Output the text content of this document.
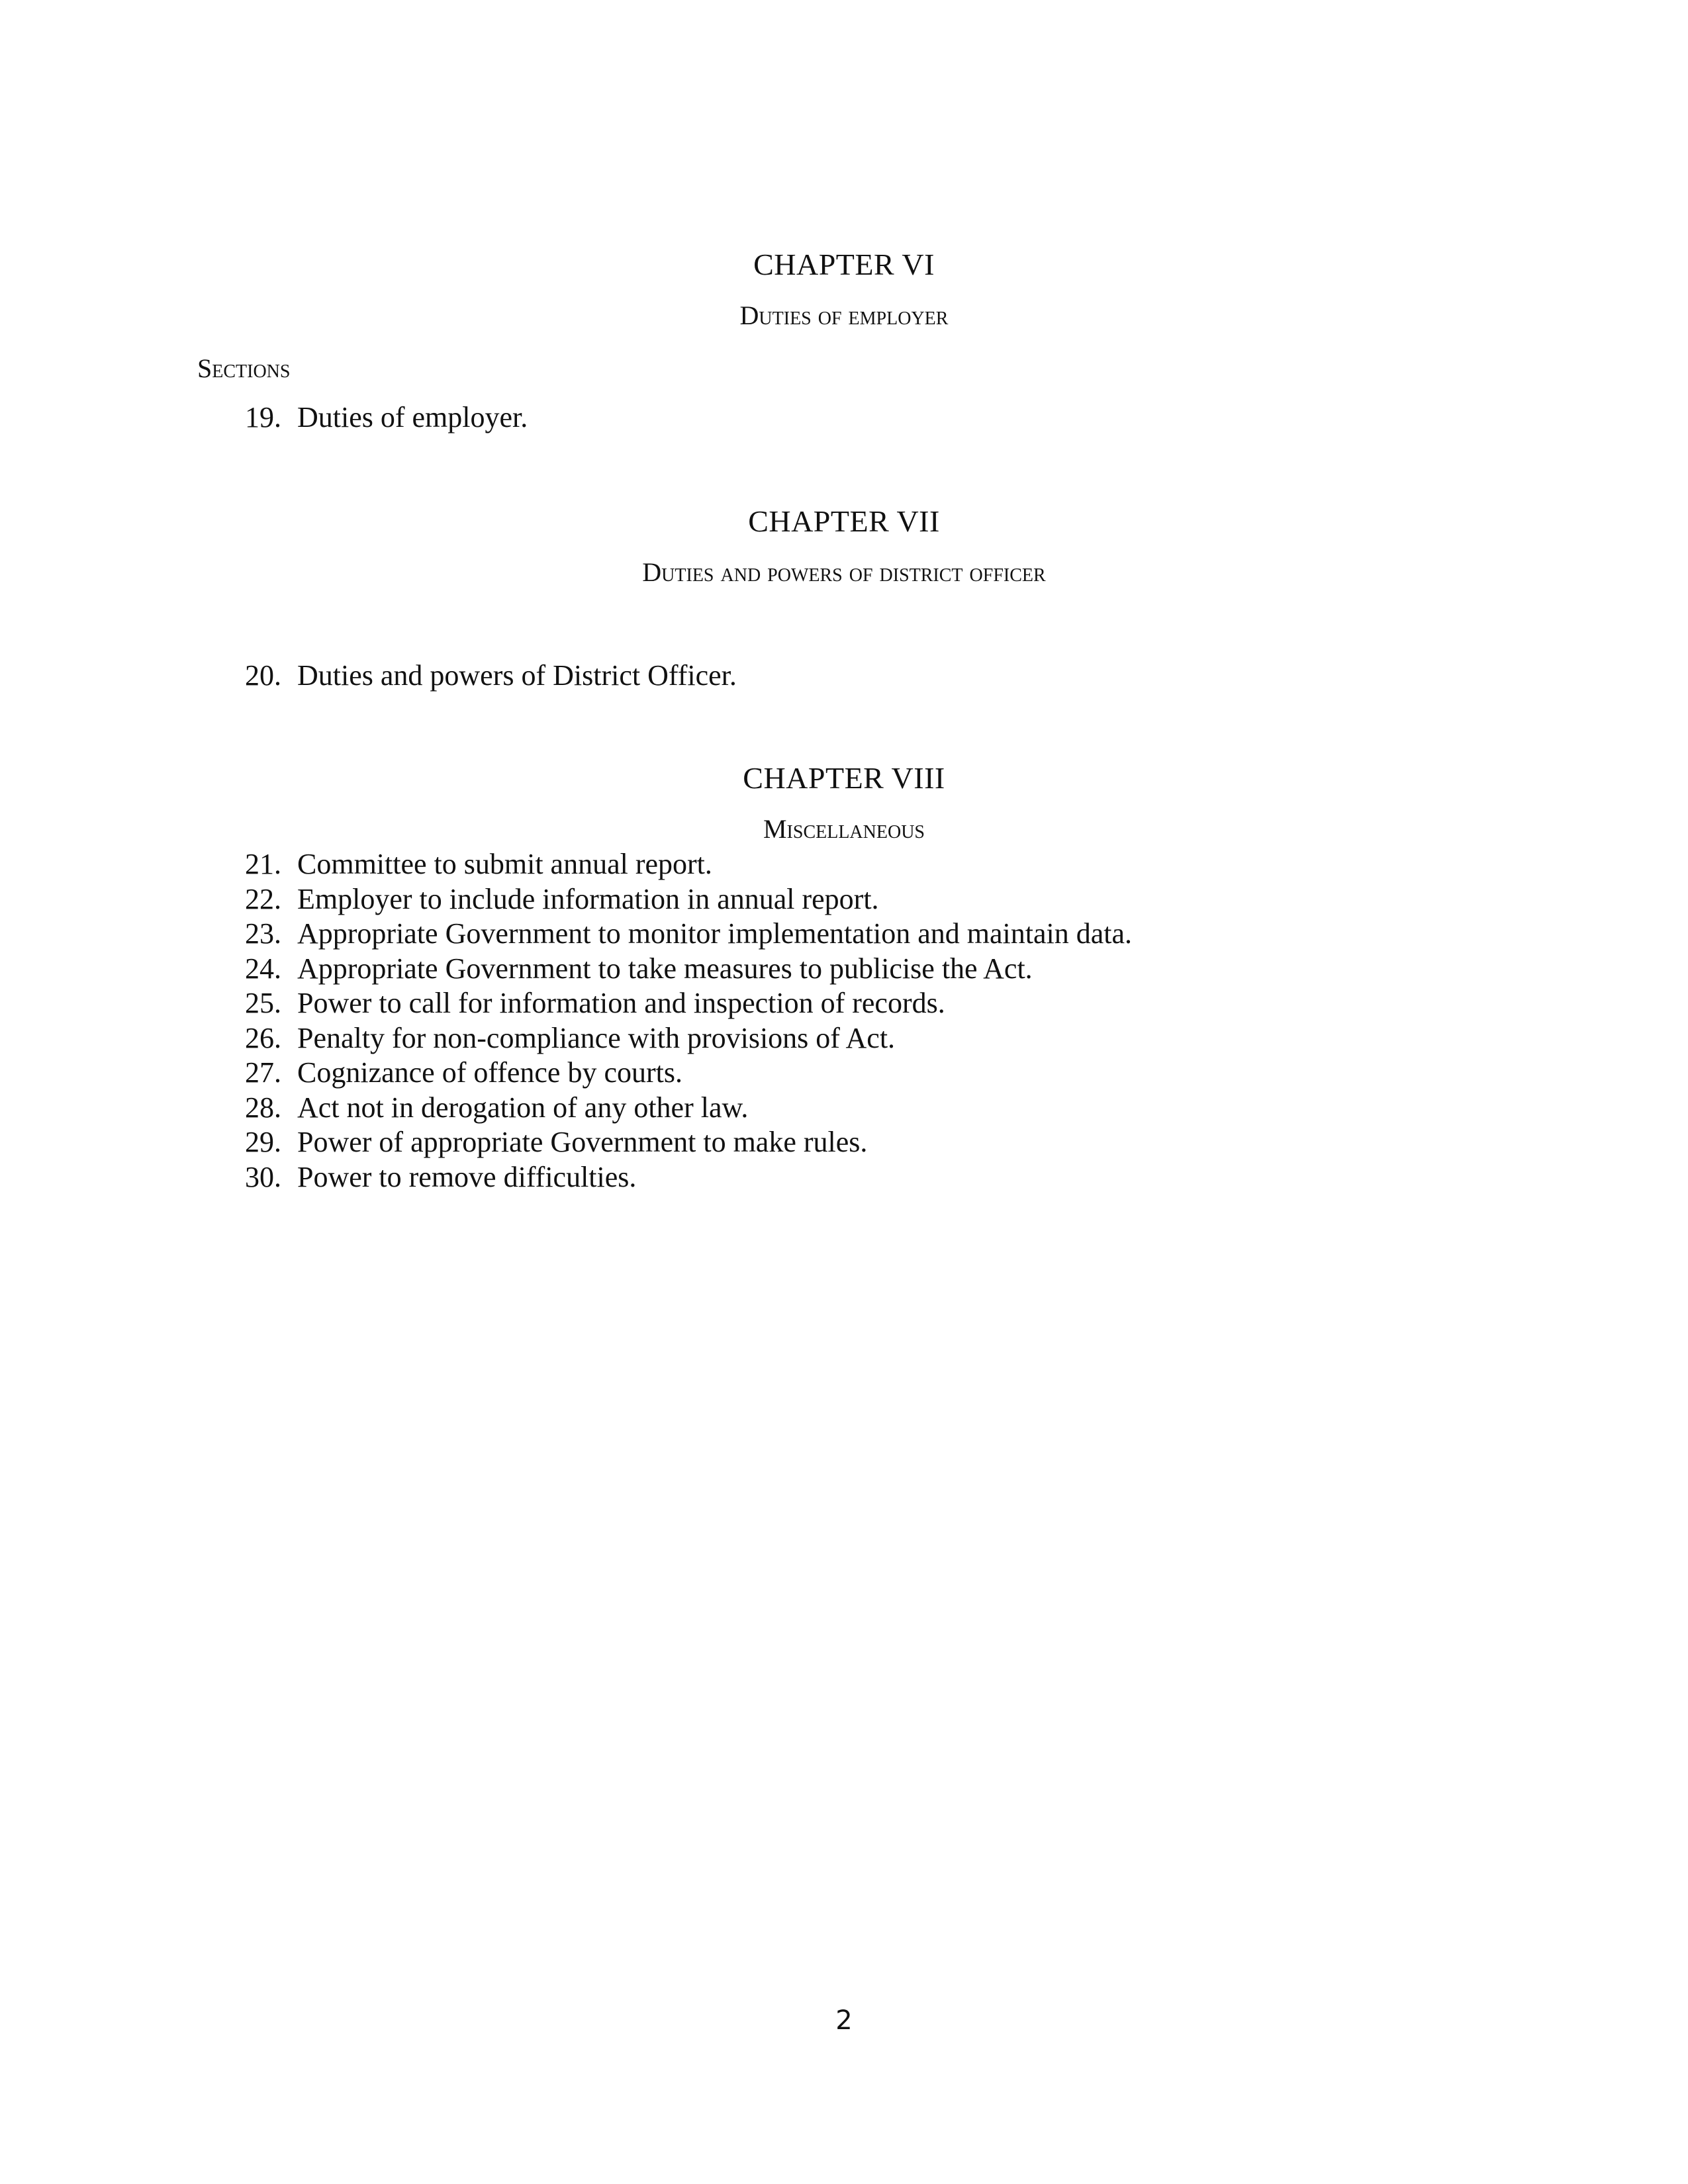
CHAPTER VI
Duties of employer
Sections
19. Duties of employer.
CHAPTER VII
Duties and powers of district officer
20. Duties and powers of District Officer.
CHAPTER VIII
Miscellaneous
21. Committee to submit annual report.
22. Employer to include information in annual report.
23. Appropriate Government to monitor implementation and maintain data.
24. Appropriate Government to take measures to publicise the Act.
25. Power to call for information and inspection of records.
26. Penalty for non-compliance with provisions of Act.
27. Cognizance of offence by courts.
28. Act not in derogation of any other law.
29. Power of appropriate Government to make rules.
30. Power to remove difficulties.
2
